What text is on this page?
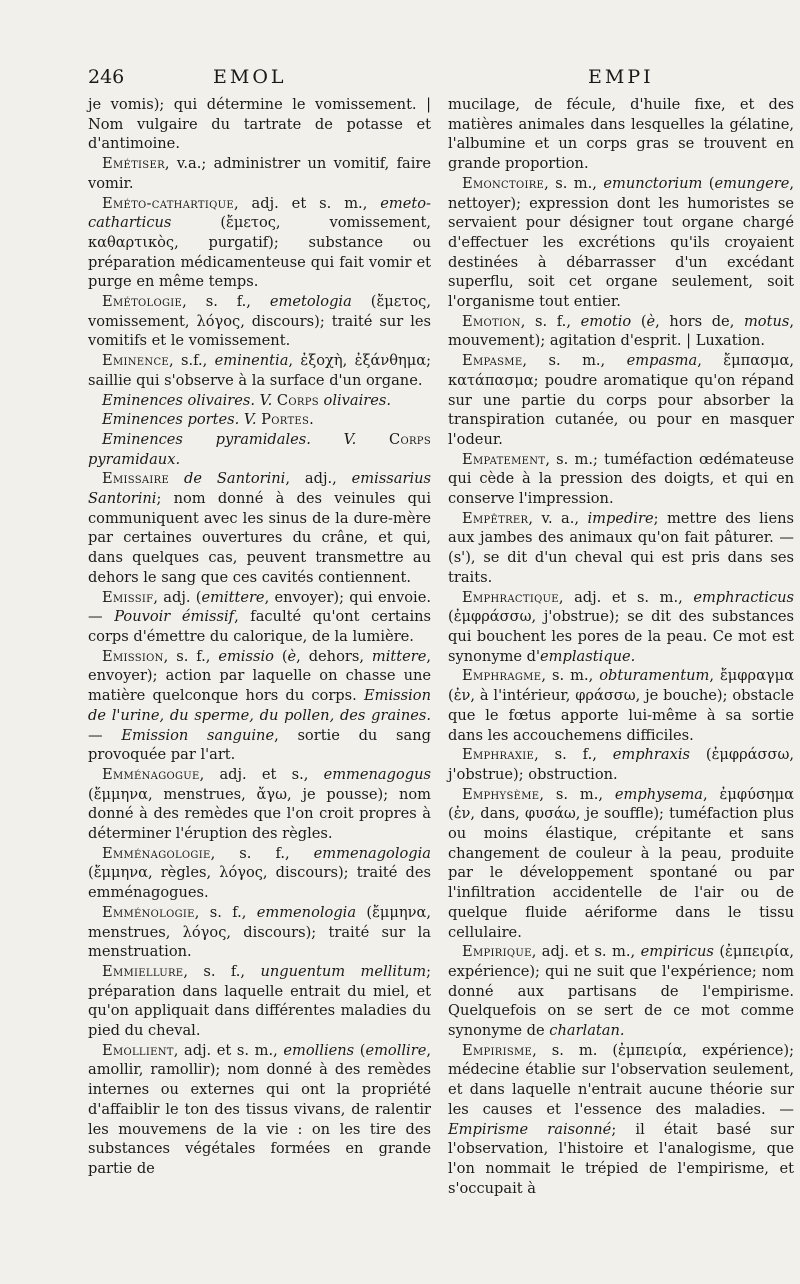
246	EMOL	EMPI

je vomis); qui détermine le vomissement. | Nom vulgaire du tartrate de potasse et d'antimoine.

Emétiser, v.a.; administrer un vomitif, faire vomir.

Eméto-cathartique, adj. et s. m., emeto-catharticus (ἔμετος, vomissement, καθαρτικὸς, purgatif); substance ou préparation médicamenteuse qui fait vomir et purge en même temps.

Emétologie, s. f., emetologia (ἔμετος, vomissement, λόγος, discours); traité sur les vomitifs et le vomissement.

Eminence, s.f., eminentia, ἐξοχὴ, ἐξάνθημα; saillie qui s'observe à la surface d'un organe.

Eminences olivaires. V. Corps olivaires.

Eminences portes. V. Portes.

Eminences pyramidales. V. Corps pyramidaux.

Emissaire de Santorini, adj., emissarius Santorini; nom donné à des veinules qui communiquent avec les sinus de la dure-mère par certaines ouvertures du crâne, et qui, dans quelques cas, peuvent transmettre au dehors le sang que ces cavités contiennent.

Emissif, adj. (emittere, envoyer); qui envoie. — Pouvoir émissif, faculté qu'ont certains corps d'émettre du calorique, de la lumière.

Emission, s. f., emissio (è, dehors, mittere, envoyer); action par laquelle on chasse une matière quelconque hors du corps. Emission de l'urine, du sperme, du pollen, des graines. — Emission sanguine, sortie du sang provoquée par l'art.

Emménagogue, adj. et s., emmenagogus (ἔμμηνα, menstrues, ἄγω, je pousse); nom donné à des remèdes que l'on croit propres à déterminer l'éruption des règles.

Emménagologie, s. f., emmenagologia (ἔμμηνα, règles, λόγος, discours); traité des emménagogues.

Emménologie, s. f., emmenologia (ἔμμηνα, menstrues, λόγος, discours); traité sur la menstruation.

Emmiellure, s. f., unguentum mellitum; préparation dans laquelle entrait du miel, et qu'on appliquait dans différentes maladies du pied du cheval.

Emollient, adj. et s. m., emolliens (emollire, amollir, ramollir); nom donné à des remèdes internes ou externes qui ont la propriété d'affaiblir le ton des tissus vivans, de ralentir les mouvemens de la vie : on les tire des substances végétales formées en grande partie de

mucilage, de fécule, d'huile fixe, et des matières animales dans lesquelles la gélatine, l'albumine et un corps gras se trouvent en grande proportion.

Emonctoire, s. m., emunctorium (emungere, nettoyer); expression dont les humoristes se servaient pour désigner tout organe chargé d'effectuer les excrétions qu'ils croyaient destinées à débarrasser d'un excédant superflu, soit cet organe seulement, soit l'organisme tout entier.

Emotion, s. f., emotio (è, hors de, motus, mouvement); agitation d'esprit. | Luxation.

Empasme, s. m., empasma, ἔμπασμα, κατάπασμα; poudre aromatique qu'on répand sur une partie du corps pour absorber la transpiration cutanée, ou pour en masquer l'odeur.

Empatement, s. m.; tuméfaction œdémateuse qui cède à la pression des doigts, et qui en conserve l'impression.

Empêtrer, v. a., impedire; mettre des liens aux jambes des animaux qu'on fait pâturer. — (s'), se dit d'un cheval qui est pris dans ses traits.

Emphractique, adj. et s. m., emphracticus (ἐμφράσσω, j'obstrue); se dit des substances qui bouchent les pores de la peau. Ce mot est synonyme d'emplastique.

Emphragme, s. m., obturamentum, ἔμφραγμα (ἐν, à l'intérieur, φράσσω, je bouche); obstacle que le fœtus apporte lui-même à sa sortie dans les accouchemens difficiles.

Emphraxie, s. f., emphraxis (ἐμφράσσω, j'obstrue); obstruction.

Emphysème, s. m., emphysema, ἐμφύσημα (ἐν, dans, φυσάω, je souffle); tuméfaction plus ou moins élastique, crépitante et sans changement de couleur à la peau, produite par le développement spontané ou par l'infiltration accidentelle de l'air ou de quelque fluide aériforme dans le tissu cellulaire.

Empirique, adj. et s. m., empiricus (ἐμπειρία, expérience); qui ne suit que l'expérience; nom donné aux partisans de l'empirisme. Quelquefois on se sert de ce mot comme synonyme de charlatan.

Empirisme, s. m. (ἐμπειρία, expérience); médecine établie sur l'observation seulement, et dans laquelle n'entrait aucune théorie sur les causes et l'essence des maladies. — Empirisme raisonné; il était basé sur l'observation, l'histoire et l'analogisme, que l'on nommait le trépied de l'empirisme, et s'occupait à
